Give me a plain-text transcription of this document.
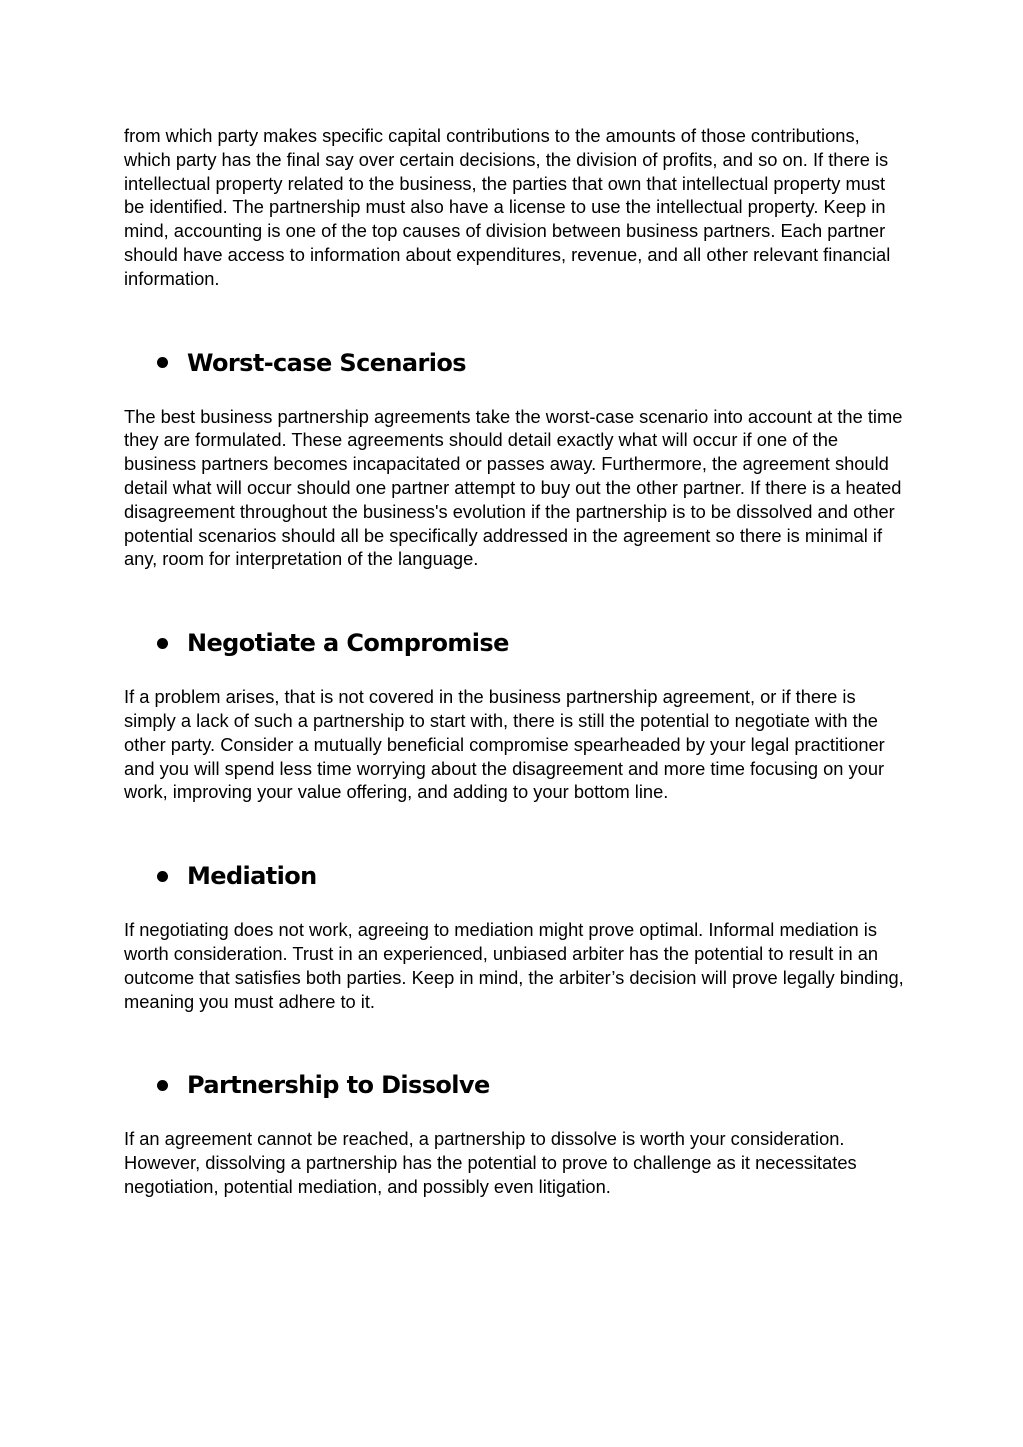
from which party makes specific capital contributions to the amounts of those contributions, which party has the final say over certain decisions, the division of profits, and so on. If there is intellectual property related to the business, the parties that own that intellectual property must be identified. The partnership must also have a license to use the intellectual property. Keep in mind, accounting is one of the top causes of division between business partners. Each partner should have access to information about expenditures, revenue, and all other relevant financial information.

Worst-case Scenarios

The best business partnership agreements take the worst-case scenario into account at the time they are formulated. These agreements should detail exactly what will occur if one of the business partners becomes incapacitated or passes away. Furthermore, the agreement should detail what will occur should one partner attempt to buy out the other partner. If there is a heated disagreement throughout the business's evolution if the partnership is to be dissolved and other potential scenarios should all be specifically addressed in the agreement so there is minimal if any, room for interpretation of the language.

Negotiate a Compromise

If a problem arises, that is not covered in the business partnership agreement, or if there is simply a lack of such a partnership to start with, there is still the potential to negotiate with the other party. Consider a mutually beneficial compromise spearheaded by your legal practitioner and you will spend less time worrying about the disagreement and more time focusing on your work, improving your value offering, and adding to your bottom line.

Mediation

If negotiating does not work, agreeing to mediation might prove optimal. Informal mediation is worth consideration. Trust in an experienced, unbiased arbiter has the potential to result in an outcome that satisfies both parties. Keep in mind, the arbiter’s decision will prove legally binding, meaning you must adhere to it.

Partnership to Dissolve

If an agreement cannot be reached, a partnership to dissolve is worth your consideration. However, dissolving a partnership has the potential to prove to challenge as it necessitates negotiation, potential mediation, and possibly even litigation.
